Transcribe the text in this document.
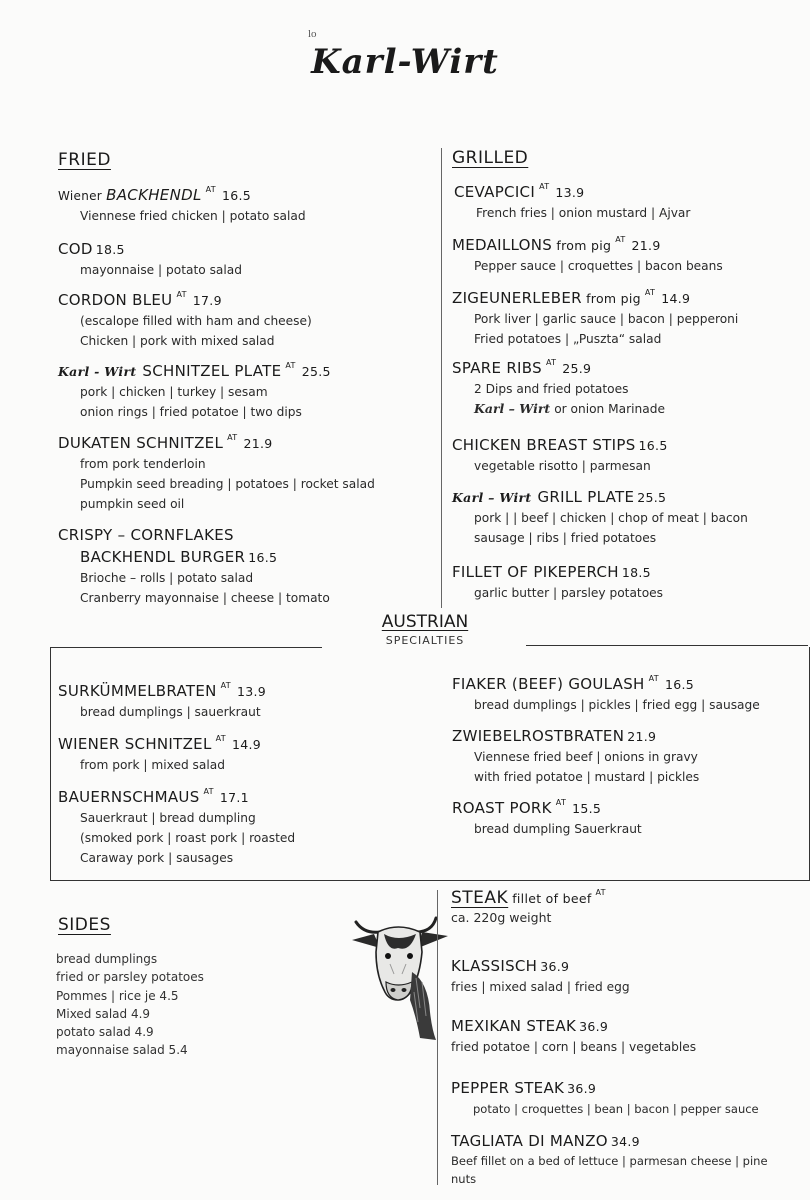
lo
Karl-Wirt
FRIED
Wiener BACKHENDL $^{AT}$ 16.5
Viennese fried chicken | potato salad
COD 18.5
mayonnaise | potato salad
CORDON BLEU $^{AT}$ 17.9
(escalope filled with ham and cheese)
Chicken | pork with mixed salad
Karl - Wirt SCHNITZEL PLATE $^{AT}$ 25.5
pork | chicken | turkey | sesam
onion rings | fried potatoe | two dips
DUKATEN SCHNITZEL $^{AT}$ 21.9
from pork tenderloin
Pumpkin seed breading | potatoes | rocket salad
pumpkin seed oil
CRISPY – CORNFLAKES
BACKHENDL BURGER 16.5
Brioche – rolls | potato salad
Cranberry mayonnaise | cheese | tomato
GRILLED
CEVAPCICI $^{AT}$ 13.9
French fries | onion mustard | Ajvar
MEDAILLONS from pig $^{AT}$ 21.9
Pepper sauce | croquettes | bacon beans
ZIGEUNERLEBER from pig $^{AT}$ 14.9
Pork liver | garlic sauce | bacon | pepperoni
Fried potatoes | „Puszta“ salad
SPARE RIBS $^{AT}$ 25.9
2 Dips and fried potatoes
Karl – Wirt or onion Marinade
CHICKEN BREAST STIPS 16.5
vegetable risotto | parmesan
Karl – Wirt GRILL PLATE 25.5
pork | | beef | chicken | chop of meat | bacon
sausage | ribs | fried potatoes
FILLET OF PIKEPERCH 18.5
garlic butter | parsley potatoes
AUSTRIAN
SPECIALTIES
SURKÜMMELBRATEN $^{AT}$ 13.9
bread dumplings | sauerkraut
WIENER SCHNITZEL $^{AT}$ 14.9
from pork | mixed salad
BAUERNSCHMAUS $^{AT}$ 17.1
Sauerkraut | bread dumpling
(smoked pork | roast pork | roasted
Caraway pork | sausages
FIAKER (BEEF) GOULASH $^{AT}$ 16.5
bread dumplings | pickles | fried egg | sausage
ZWIEBELROSTBRATEN 21.9
Viennese fried beef | onions in gravy
with fried potatoe | mustard | pickles
ROAST PORK $^{AT}$ 15.5
bread dumpling Sauerkraut
SIDES
bread dumplings
fried or parsley potatoes
Pommes | rice je 4.5
Mixed salad 4.9
potato salad 4.9
mayonnaise salad 5.4
STEAK fillet of beef $^{AT}$
ca. 220g weight
KLASSISCH 36.9
fries | mixed salad | fried egg
MEXIKAN STEAK 36.9
fried potatoe | corn | beans | vegetables
PEPPER STEAK 36.9
potato | croquettes | bean | bacon | pepper sauce
TAGLIATA DI MANZO 34.9
Beef fillet on a bed of lettuce | parmesan cheese | pine
nuts
